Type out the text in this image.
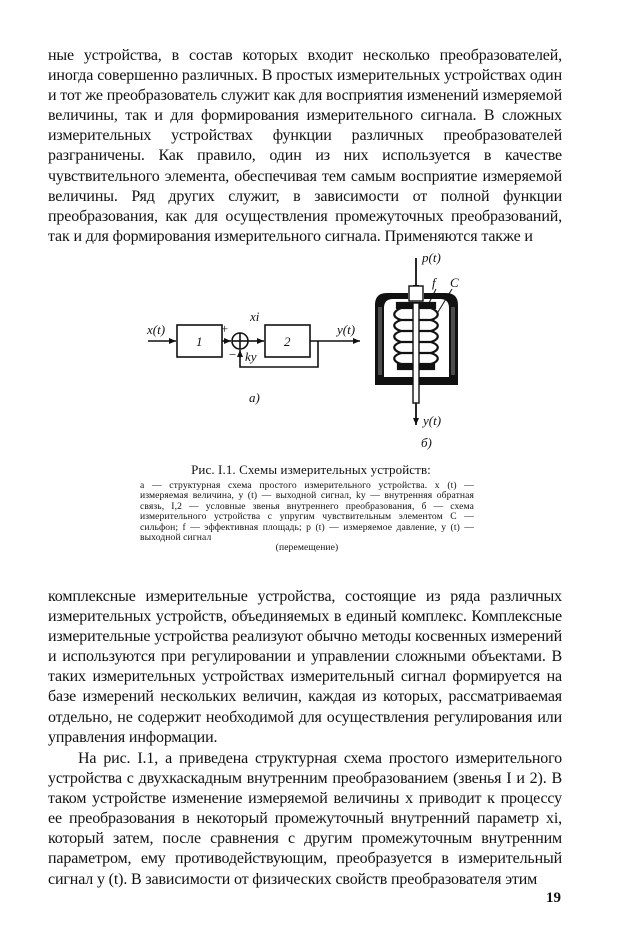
ные устройства, в состав которых входит несколько преобразователей, иногда совершенно различных. В простых измерительных устройствах один и тот же преобразователь служит как для восприятия изменений измеряемой величины, так и для формирования измерительного сигнала. В сложных измерительных устройствах функции различных преобразователей разграничены. Как правило, один из них используется в качестве чувствительного элемента, обеспечивая тем самым восприятие измеряемой величины. Ряд других служит, в зависимости от полной функции преобразования, как для осуществления промежуточных преобразований, так и для формирования измерительного сигнала. Применяются также и

x(t)
1	2
xi
+
− ky
y(t)
a)
p(t)
f C
y(t)
б)
Рис. I.1. Схемы измерительных устройств:
а — структурная схема простого измерительного устройства. x (t) — измеряемая величина, y (t) — выходной сигнал, ky — внутренняя обратная связь, I,2 — условные звенья внутреннего преобразования, б — схема измерительного устройства с упругим чувствительным элементом C — сильфон; f — эффективная площадь; p (t) — измеряемое давление, y (t) — выходной сигнал
(перемещение)

комплексные измерительные устройства, состоящие из ряда различных измерительных устройств, объединяемых в единый комплекс. Комплексные измерительные устройства реализуют обычно методы косвенных измерений и используются при регулировании и управлении сложными объектами. В таких измерительных устройствах измерительный сигнал формируется на базе измерений нескольких величин, каждая из которых, рассматриваемая отдельно, не содержит необходимой для осуществления регулирования или управления информации.

На рис. I.1, а приведена структурная схема простого измерительного устройства с двухкаскадным внутренним преобразованием (звенья I и 2). В таком устройстве изменение измеряемой величины x приводит к процессу ее преобразования в некоторый промежуточный внутренний параметр xi, который затем, после сравнения с другим промежуточным внутренним параметром, ему противодействующим, преобразуется в измерительный сигнал y (t). В зависимости от физических свойств преобразователя этим

19
